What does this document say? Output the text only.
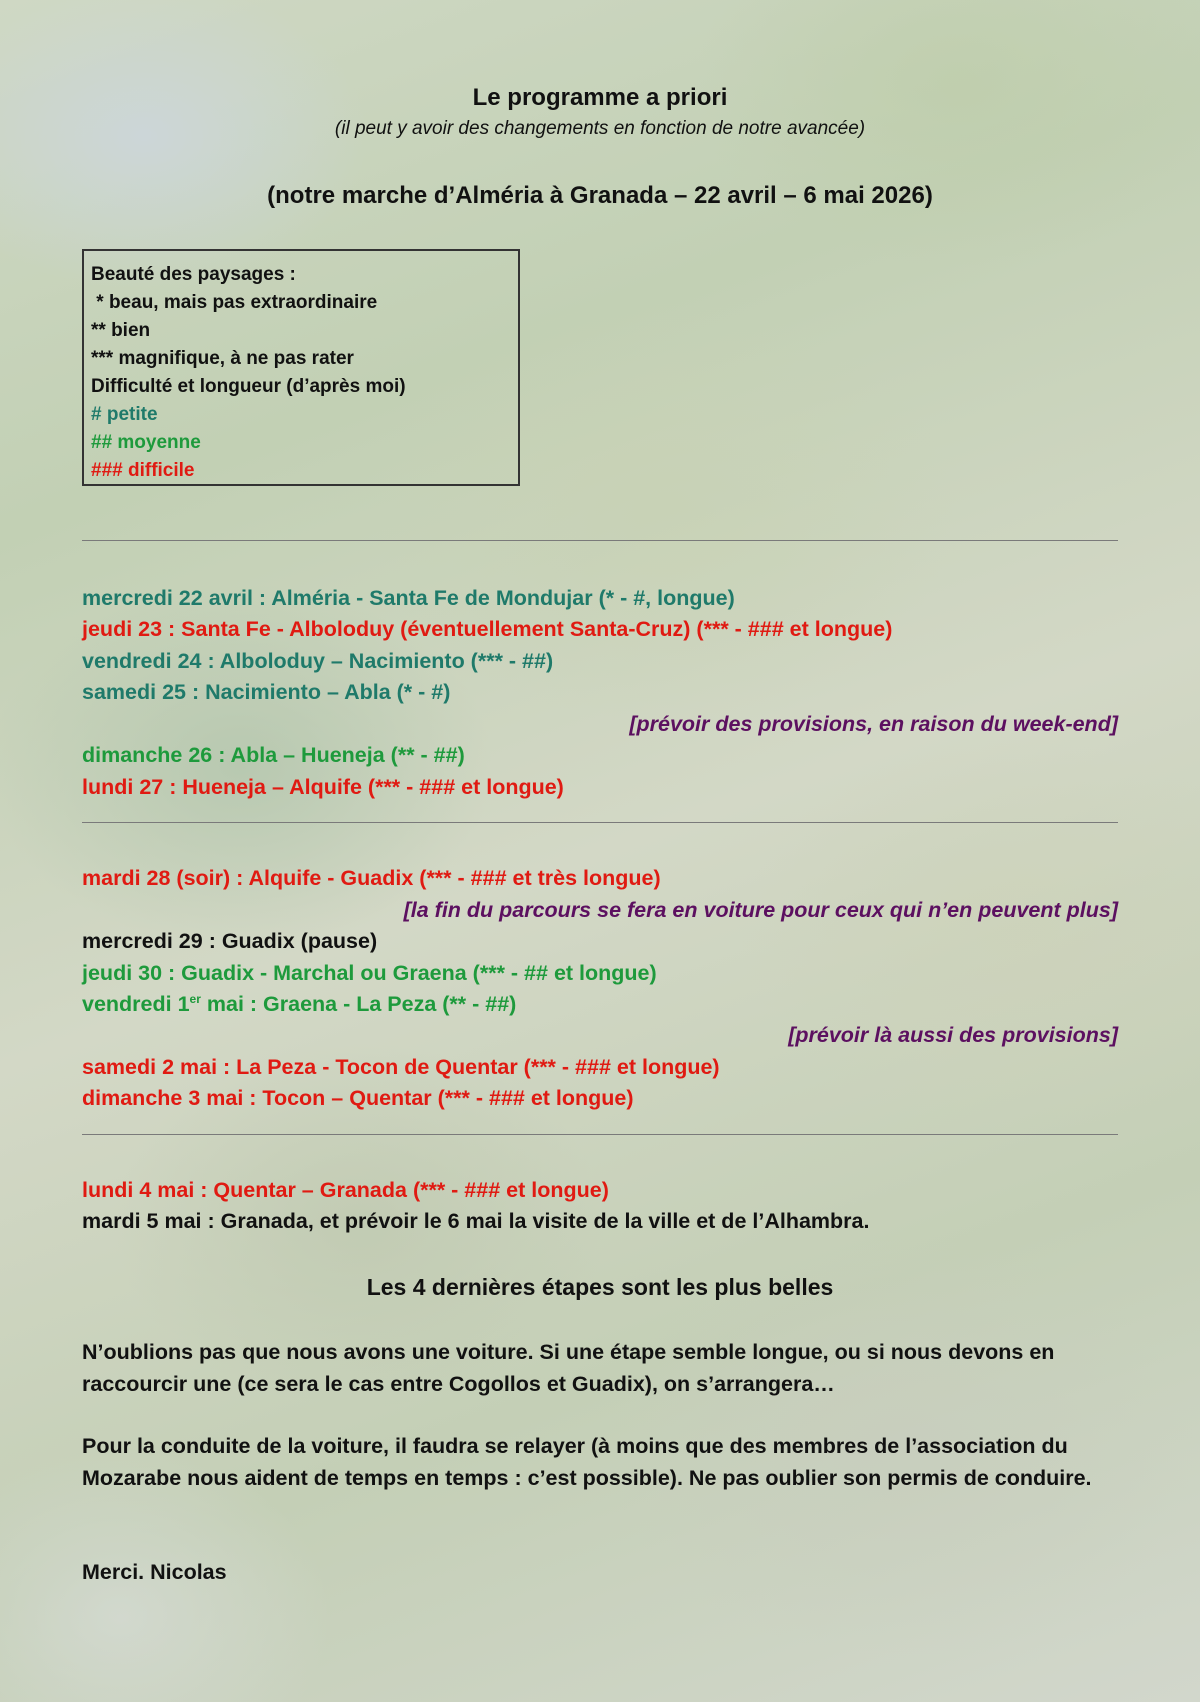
Le programme a priori
(il peut y avoir des changements en fonction de notre avancée)
(notre marche d’Alméria à Granada – 22 avril – 6 mai 2026)
Beauté des paysages :
* beau, mais pas extraordinaire
** bien
*** magnifique, à ne pas rater
Difficulté et longueur (d’après moi)
# petite
## moyenne
### difficile
mercredi 22 avril : Alméria - Santa Fe de Mondujar (* - #, longue)
jeudi 23 : Santa Fe - Alboloduy (éventuellement Santa-Cruz) (*** - ### et longue)
vendredi 24 : Alboloduy – Nacimiento (*** - ##)
samedi 25 : Nacimiento – Abla (* - #)
[prévoir des provisions, en raison du week-end]
dimanche 26 : Abla – Hueneja (** - ##)
lundi 27 : Hueneja – Alquife (*** - ### et longue)
mardi 28 (soir) : Alquife - Guadix (*** - ### et très longue)
[la fin du parcours se fera en voiture pour ceux qui n’en peuvent plus]
mercredi 29 : Guadix (pause)
jeudi 30 : Guadix - Marchal ou Graena (*** - ## et longue)
vendredi 1er mai : Graena - La Peza (** - ##)
[prévoir là aussi des provisions]
samedi 2 mai : La Peza - Tocon de Quentar (*** - ### et longue)
dimanche 3 mai : Tocon – Quentar (*** - ### et longue)
lundi 4 mai : Quentar – Granada (*** - ### et longue)
mardi 5 mai : Granada, et prévoir le 6 mai la visite de la ville et de l’Alhambra.
Les 4 dernières étapes sont les plus belles
N’oublions pas que nous avons une voiture. Si une étape semble longue, ou si nous devons en raccourcir une (ce sera le cas entre Cogollos et Guadix), on s’arrangera…
Pour la conduite de la voiture, il faudra se relayer (à moins que des membres de l’association du Mozarabe nous aident de temps en temps : c’est possible). Ne pas oublier son permis de conduire.
Merci. Nicolas
